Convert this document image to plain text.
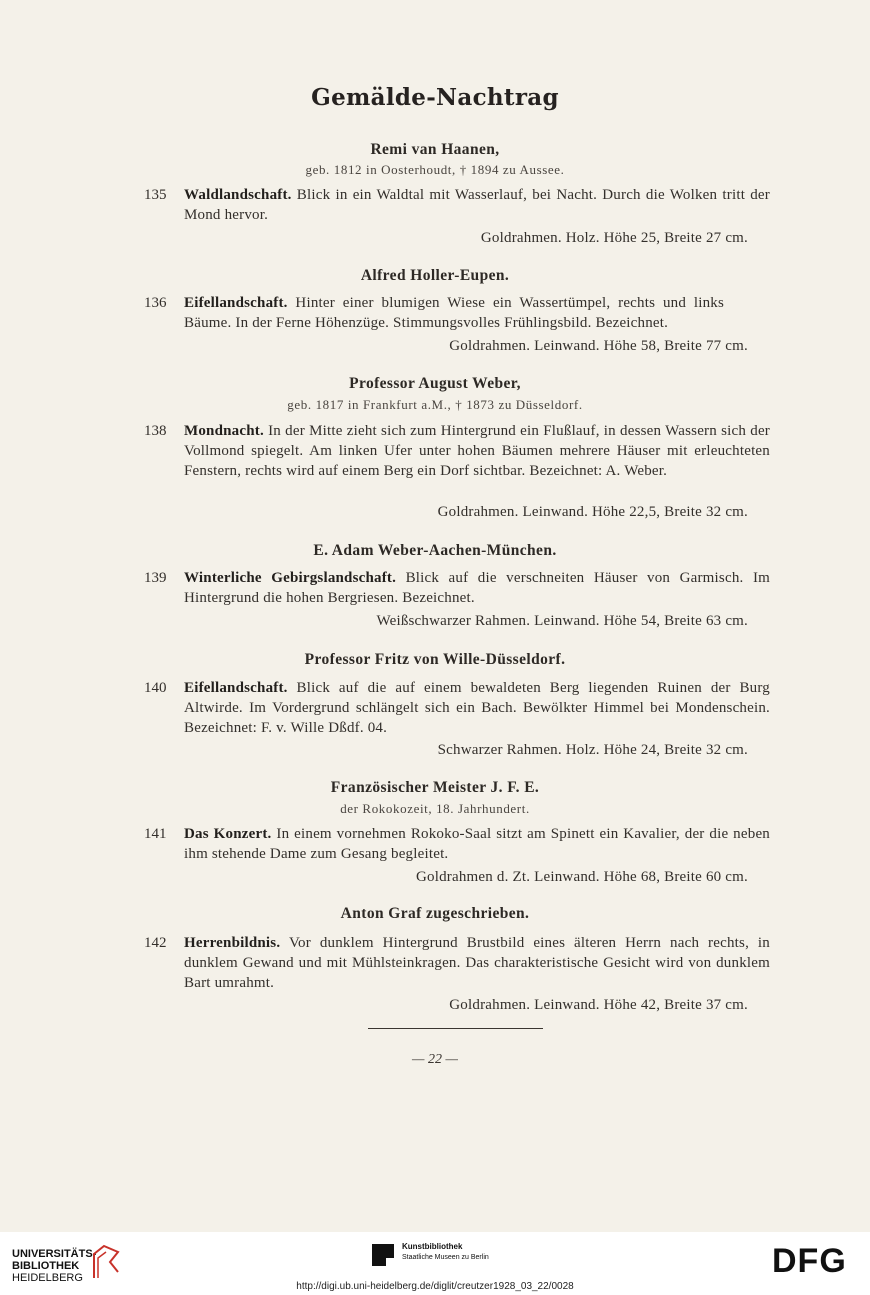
Gemälde-Nachtrag
Remi van Haanen,
geb. 1812 in Oosterhoudt, † 1894 zu Aussee.
135	Waldlandschaft. Blick in ein Waldtal mit Wasserlauf, bei Nacht. Durch die Wolken tritt der Mond hervor.
Goldrahmen. Holz. Höhe 25, Breite 27 cm.
Alfred Holler-Eupen.
136	Eifellandschaft. Hinter einer blumigen Wiese ein Wassertümpel, rechts und links Bäume. In der Ferne Höhenzüge. Stimmungsvolles Frühlingsbild. Bezeichnet.
Goldrahmen. Leinwand. Höhe 58, Breite 77 cm.
Professor August Weber,
geb. 1817 in Frankfurt a.M., † 1873 zu Düsseldorf.
138	Mondnacht. In der Mitte zieht sich zum Hintergrund ein Flußlauf, in dessen Wassern sich der Vollmond spiegelt. Am linken Ufer unter hohen Bäumen mehrere Häuser mit erleuchteten Fenstern, rechts wird auf einem Berg ein Dorf sichtbar. Bezeichnet: A. Weber.
Goldrahmen. Leinwand. Höhe 22,5, Breite 32 cm.
E. Adam Weber-Aachen-München.
139	Winterliche Gebirgslandschaft. Blick auf die verschneiten Häuser von Garmisch. Im Hintergrund die hohen Bergriesen. Bezeichnet.
Weißschwarzer Rahmen. Leinwand. Höhe 54, Breite 63 cm.
Professor Fritz von Wille-Düsseldorf.
140	Eifellandschaft. Blick auf die auf einem bewaldeten Berg liegenden Ruinen der Burg Altwirde. Im Vordergrund schlängelt sich ein Bach. Bewölkter Himmel bei Mondenschein. Bezeichnet: F. v. Wille Dßdf. 04.
Schwarzer Rahmen. Holz. Höhe 24, Breite 32 cm.
Französischer Meister J. F. E.
der Rokokozeit, 18. Jahrhundert.
141	Das Konzert. In einem vornehmen Rokoko-Saal sitzt am Spinett ein Kavalier, der die neben ihm stehende Dame zum Gesang begleitet.
Goldrahmen d. Zt. Leinwand. Höhe 68, Breite 60 cm.
Anton Graf zugeschrieben.
142	Herrenbildnis. Vor dunklem Hintergrund Brustbild eines älteren Herrn nach rechts, in dunklem Gewand und mit Mühlsteinkragen. Das charakteristische Gesicht wird von dunklem Bart umrahmt.
Goldrahmen. Leinwand. Höhe 42, Breite 37 cm.
— 22 —
UNIVERSITÄTS-
BIBLIOTHEK
HEIDELBERG
Kunstbibliothek
Staatliche Museen zu Berlin	DFG
http://digi.ub.uni-heidelberg.de/diglit/creutzer1928_03_22/0028
